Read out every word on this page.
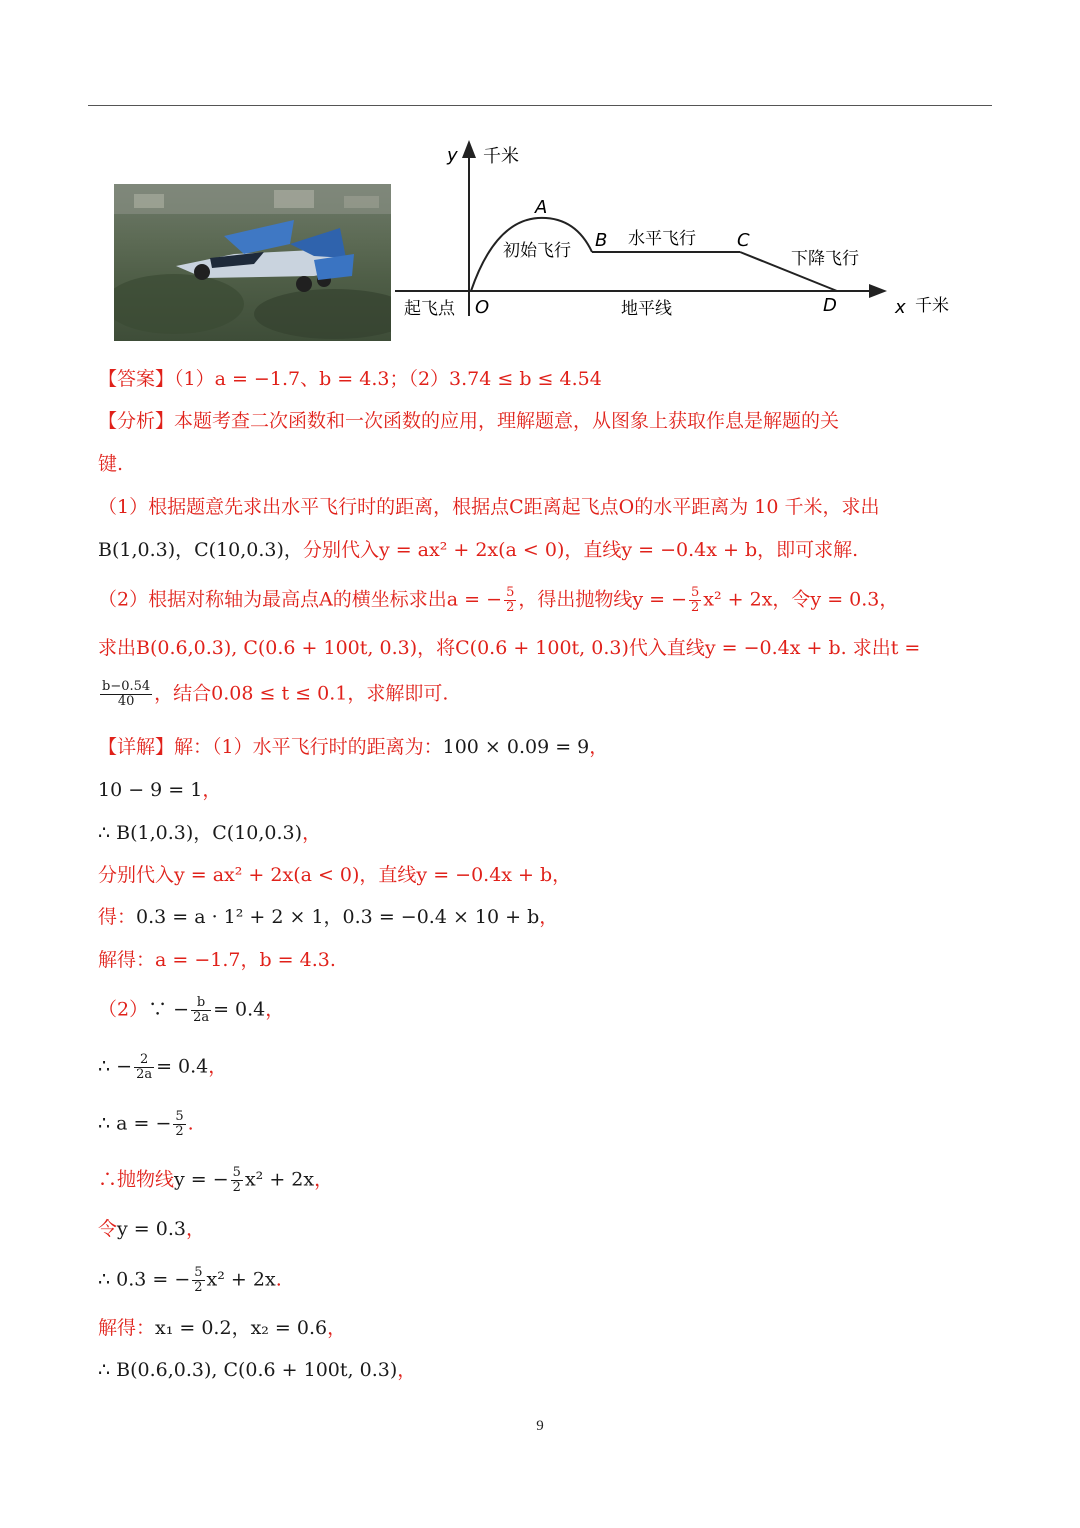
y 千米
A
初始飞行 B 水平飞行 C
下降飞行
起飞点 O	地平线	D	x 千米
【答案】（1）a = −1.7、b = 4.3；（2）3.74 ≤ b ≤ 4.54
【分析】本题考查二次函数和一次函数的应用，理解题意，从图象上获取作息是解题的关
键.
（1）根据题意先求出水平飞行时的距离，根据点C距离起飞点O的水平距离为 10 千米，求出
B(1,0.3)，C(10,0.3)，分别代入y = ax² + 2x(a < 0)，直线y = −0.4x + b，即可求解.
（2）根据对称轴为最高点A的横坐标求出a = − $\frac{5}{2}$ ，得出抛物线y = − $\frac{5}{2} x^2 + 2x$，令y = 0.3，
求出B(0.6,0.3), C(0.6 + 100t, 0.3)，将C(0.6 + 100t, 0.3)代入直线y = −0.4x + b. 求出t =
$\frac{b-0.54}{40}$ ，结合0.08 ≤ t ≤ 0.1，求解即可.
【详解】解：（1）水平飞行时的距离为：100 × 0.09 = 9，
10 − 9 = 1，
∴ B(1,0.3)，C(10,0.3)，
分别代入y = ax² + 2x(a < 0)，直线y = −0.4x + b，
得：0.3 = a · 1² + 2 × 1，0.3 = −0.4 × 10 + b，
解得：a = −1.7，b = 4.3.
（2）∵ − $\frac{b}{2a} = 0.4$，
∴ − $\frac{2}{2a} = 0.4$，
∴ a = − $\frac{5}{2}$ .
∴抛物线y = − $\frac{5}{2} x^2 + 2x$，
令y = 0.3，
∴ 0.3 = − $\frac{5}{2} x^2 + 2x$.
解得：x₁ = 0.2，x₂ = 0.6，
∴ B(0.6,0.3), C(0.6 + 100t, 0.3)，
9
